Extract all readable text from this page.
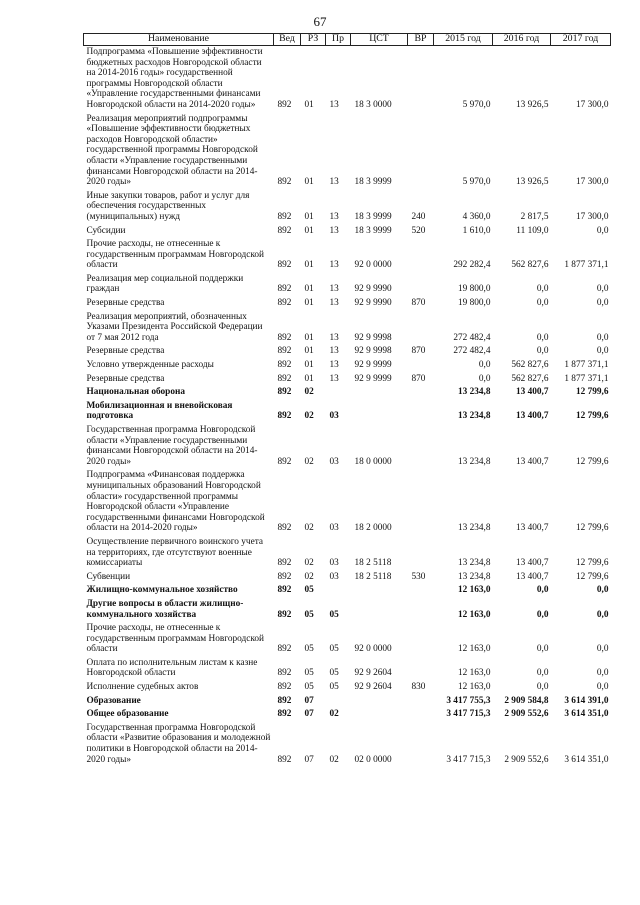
67
Наименование	Вед	РЗ	Пр	ЦСТ	ВР	2015 год	2016 год	2017 год
Подпрограмма «Повышение эффективности бюджетных расходов Новгородской области на 2014-2016 годы» государственной программы Новгородской области «Управление государственными финансами Новгородской области на 2014-2020 годы»	892	01	13	18 3 0000		5 970,0	13 926,5	17 300,0
Реализация мероприятий подпрограммы «Повышение эффективности бюджетных расходов Новгородской области» государственной программы Новгородской области «Управление государственными финансами Новгородской области на 2014-2020 годы»	892	01	13	18 3 9999		5 970,0	13 926,5	17 300,0
Иные закупки товаров, работ и услуг для обеспечения государственных (муниципальных) нужд	892	01	13	18 3 9999	240	4 360,0	2 817,5	17 300,0
Субсидии	892	01	13	18 3 9999	520	1 610,0	11 109,0	0,0
Прочие расходы, не отнесенные к государственным программам Новгородской области	892	01	13	92 0 0000		292 282,4	562 827,6	1 877 371,1
Реализация мер социальной поддержки граждан	892	01	13	92 9 9990		19 800,0	0,0	0,0
Резервные средства	892	01	13	92 9 9990	870	19 800,0	0,0	0,0
Реализация мероприятий, обозначенных Указами Президента Российской Федерации от 7 мая 2012 года	892	01	13	92 9 9998		272 482,4	0,0	0,0
Резервные средства	892	01	13	92 9 9998	870	272 482,4	0,0	0,0
Условно утвержденные расходы	892	01	13	92 9 9999		0,0	562 827,6	1 877 371,1
Резервные средства	892	01	13	92 9 9999	870	0,0	562 827,6	1 877 371,1
Национальная оборона	892	02				13 234,8	13 400,7	12 799,6
Мобилизационная и вневойсковая подготовка	892	02	03			13 234,8	13 400,7	12 799,6
Государственная программа Новгородской области «Управление государственными финансами Новгородской области на 2014-2020 годы»	892	02	03	18 0 0000		13 234,8	13 400,7	12 799,6
Подпрограмма «Финансовая поддержка муниципальных образований Новгородской области» государственной программы Новгородской области «Управление государственными финансами Новгородской области на 2014-2020 годы»	892	02	03	18 2 0000		13 234,8	13 400,7	12 799,6
Осуществление первичного воинского учета на территориях, где отсутствуют военные комиссариаты	892	02	03	18 2 5118		13 234,8	13 400,7	12 799,6
Субвенции	892	02	03	18 2 5118	530	13 234,8	13 400,7	12 799,6
Жилищно-коммунальное хозяйство	892	05				12 163,0	0,0	0,0
Другие вопросы в области жилищно-коммунального хозяйства	892	05	05			12 163,0	0,0	0,0
Прочие расходы, не отнесенные к государственным программам Новгородской области	892	05	05	92 0 0000		12 163,0	0,0	0,0
Оплата по исполнительным листам к казне Новгородской области	892	05	05	92 9 2604		12 163,0	0,0	0,0
Исполнение судебных актов	892	05	05	92 9 2604	830	12 163,0	0,0	0,0
Образование	892	07				3 417 755,3	2 909 584,8	3 614 391,0
Общее образование	892	07	02			3 417 715,3	2 909 552,6	3 614 351,0
Государственная программа Новгородской области «Развитие образования и молодежной политики в Новгородской области на 2014-2020 годы»	892	07	02	02 0 0000		3 417 715,3	2 909 552,6	3 614 351,0
